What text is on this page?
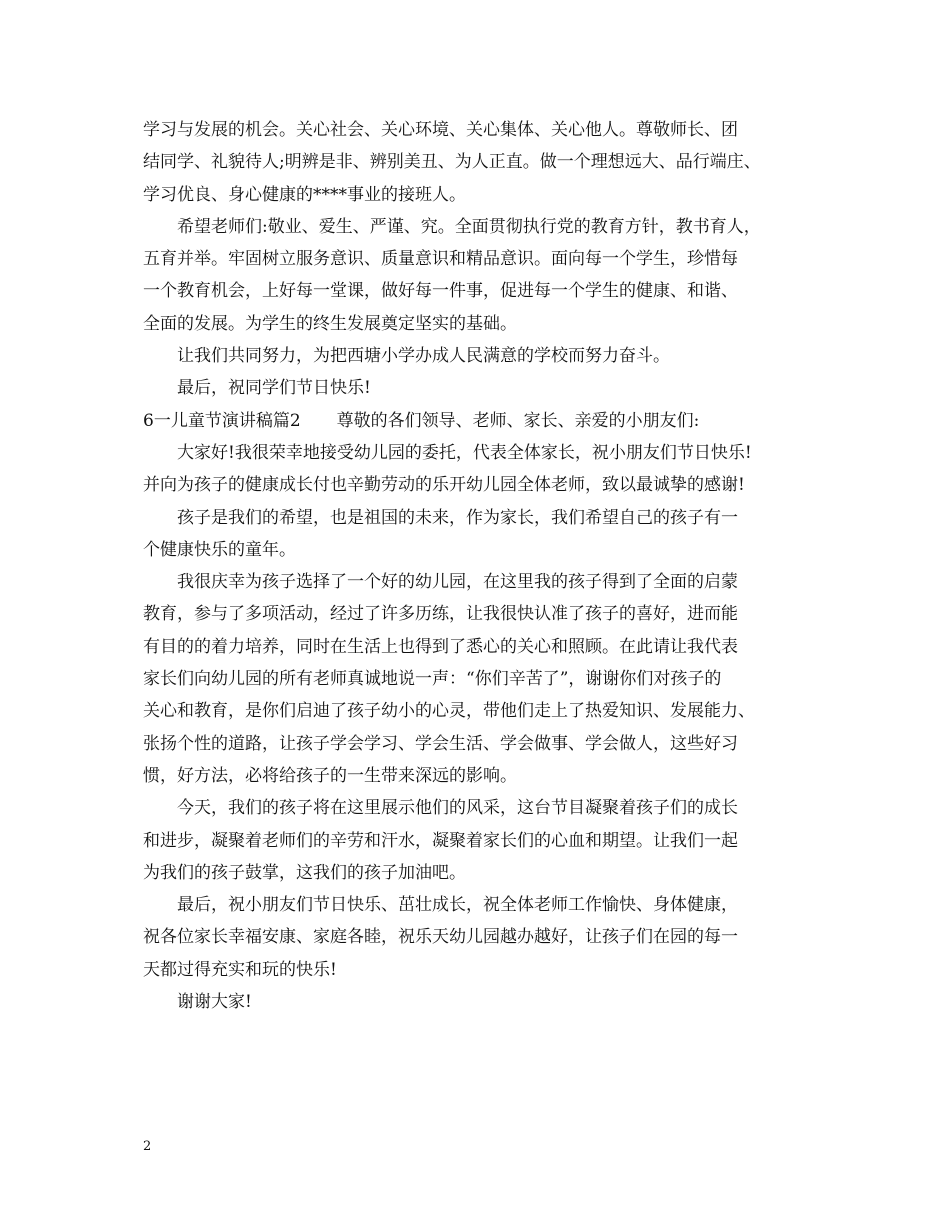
学习与发展的机会。关心社会、关心环境、关心集体、关心他人。尊敬师长、团
结同学、礼貌待人;明辨是非、辨别美丑、为人正直。做一个理想远大、品行端庄、
学习优良、身心健康的****事业的接班人。
希望老师们:敬业、爱生、严谨、究。全面贯彻执行党的教育方针，教书育人，
五育并举。牢固树立服务意识、质量意识和精品意识。面向每一个学生，珍惜每
一个教育机会，上好每一堂课，做好每一件事，促进每一个学生的健康、和谐、
全面的发展。为学生的终生发展奠定坚实的基础。
让我们共同努力，为把西塘小学办成人民满意的学校而努力奋斗。
最后，祝同学们节日快乐!
6一儿童节演讲稿篇2 尊敬的各们领导、老师、家长、亲爱的小朋友们:
大家好!我很荣幸地接受幼儿园的委托，代表全体家长，祝小朋友们节日快乐!
并向为孩子的健康成长付也辛勤劳动的乐开幼儿园全体老师，致以最诚挚的感谢!
孩子是我们的希望，也是祖国的未来，作为家长，我们希望自己的孩子有一
个健康快乐的童年。
我很庆幸为孩子选择了一个好的幼儿园，在这里我的孩子得到了全面的启蒙
教育，参与了多项活动，经过了许多历练，让我很快认准了孩子的喜好，进而能
有目的的着力培养，同时在生活上也得到了悉心的关心和照顾。在此请让我代表
家长们向幼儿园的所有老师真诚地说一声：“你们辛苦了”，谢谢你们对孩子的
关心和教育，是你们启迪了孩子幼小的心灵，带他们走上了热爱知识、发展能力、
张扬个性的道路，让孩子学会学习、学会生活、学会做事、学会做人，这些好习
惯，好方法，必将给孩子的一生带来深远的影响。
今天，我们的孩子将在这里展示他们的风采，这台节目凝聚着孩子们的成长
和进步，凝聚着老师们的辛劳和汗水，凝聚着家长们的心血和期望。让我们一起
为我们的孩子鼓掌，这我们的孩子加油吧。
最后，祝小朋友们节日快乐、茁壮成长，祝全体老师工作愉快、身体健康，
祝各位家长幸福安康、家庭各睦，祝乐天幼儿园越办越好，让孩子们在园的每一
天都过得充实和玩的快乐!
谢谢大家!
2
